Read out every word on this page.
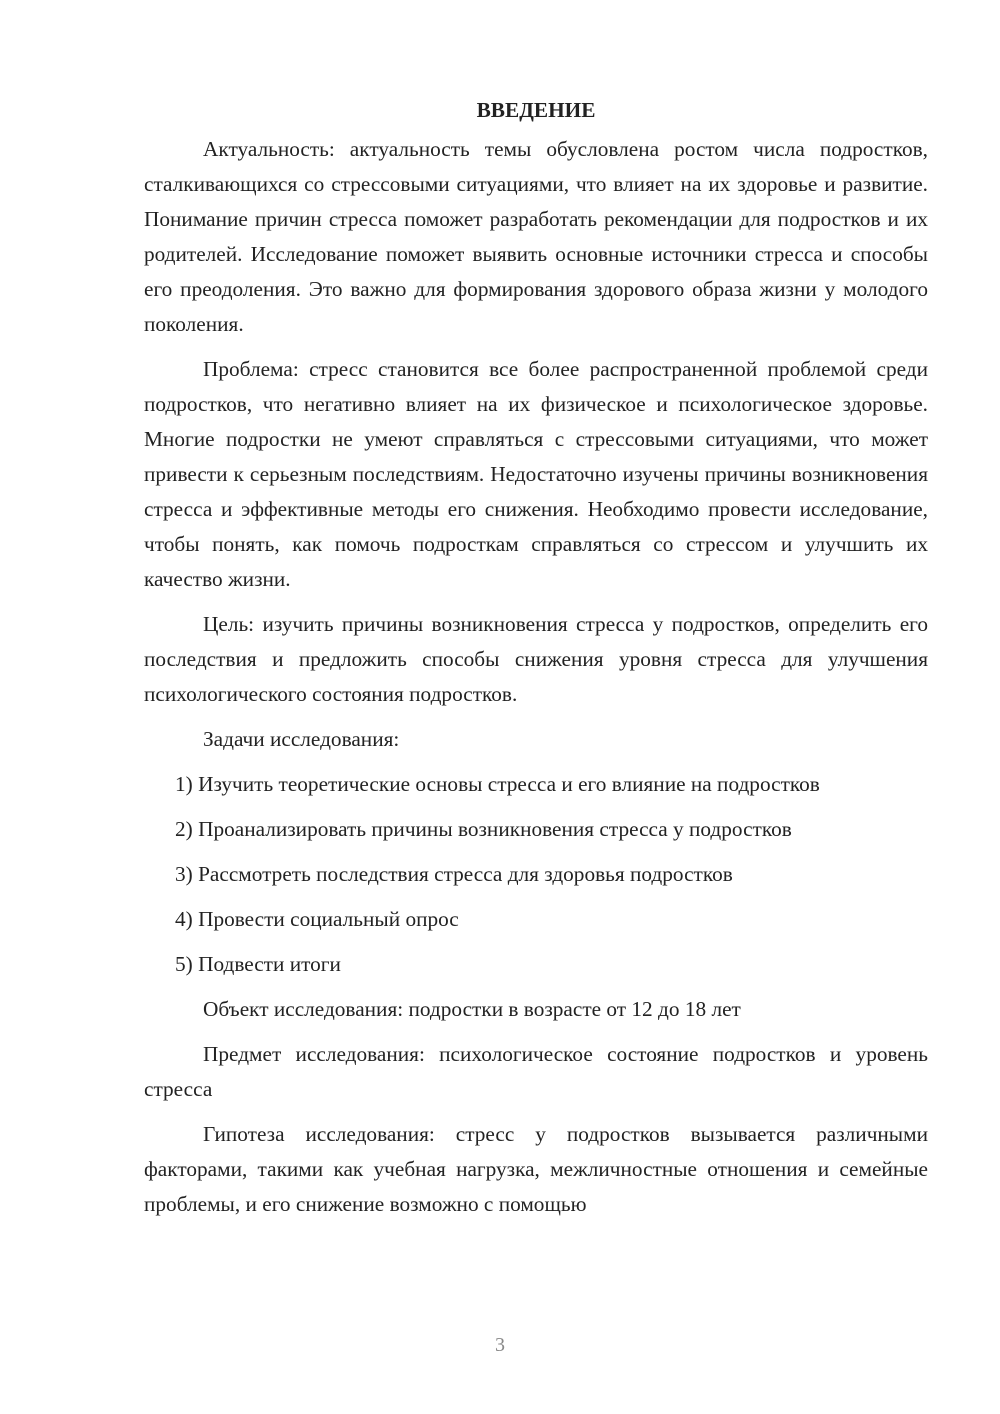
ВВЕДЕНИЕ

Актуальность: актуальность темы обусловлена ростом числа подростков, сталкивающихся со стрессовыми ситуациями, что влияет на их здоровье и развитие. Понимание причин стресса поможет разработать рекомендации для подростков и их родителей. Исследование поможет выявить основные источники стресса и способы его преодоления. Это важно для формирования здорового образа жизни у молодого поколения.

Проблема: стресс становится все более распространенной проблемой среди подростков, что негативно влияет на их физическое и психологическое здоровье. Многие подростки не умеют справляться с стрессовыми ситуациями, что может привести к серьезным последствиям. Недостаточно изучены причины возникновения стресса и эффективные методы его снижения. Необходимо провести исследование, чтобы понять, как помочь подросткам справляться со стрессом и улучшить их качество жизни.

Цель: изучить причины возникновения стресса у подростков, определить его последствия и предложить способы снижения уровня стресса для улучшения психологического состояния подростков.

Задачи исследования:

1) Изучить теоретические основы стресса и его влияние на подростков
2) Проанализировать причины возникновения стресса у подростков
3) Рассмотреть последствия стресса для здоровья подростков
4) Провести социальный опрос
5) Подвести итоги

Объект исследования: подростки в возрасте от 12 до 18 лет

Предмет исследования: психологическое состояние подростков и уровень стресса

Гипотеза исследования: стресс у подростков вызывается различными факторами, такими как учебная нагрузка, межличностные отношения и семейные проблемы, и его снижение возможно с помощью

3
